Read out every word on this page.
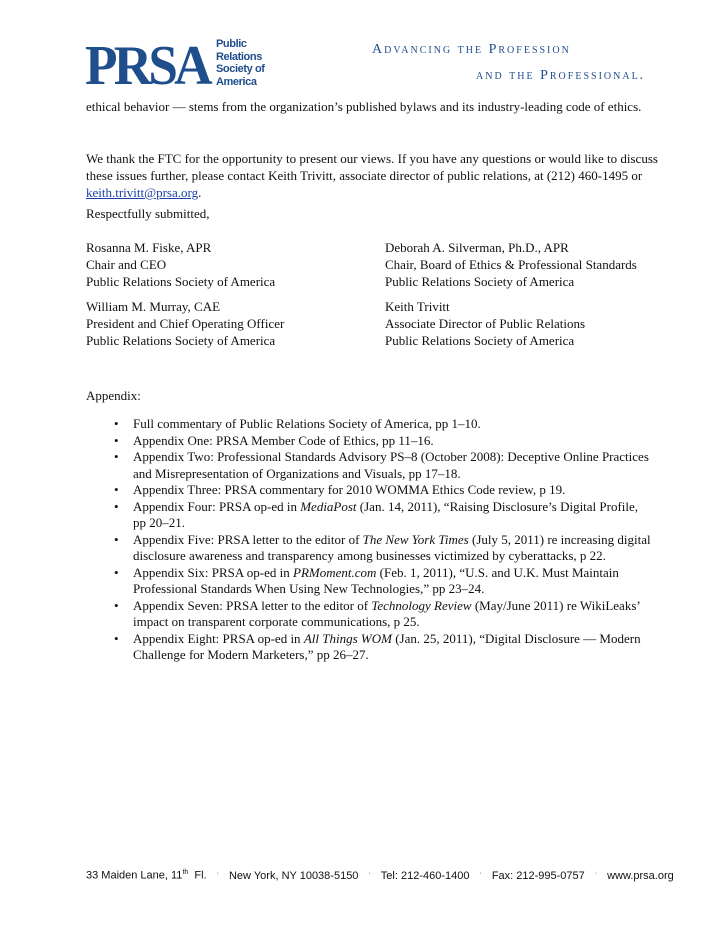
PRSA Public
Relations
Society of
America
Advancing the Profession
and the Professional.

ethical behavior — stems from the organization’s published bylaws and its industry-leading code of ethics.

We thank the FTC for the opportunity to present our views. If you have any questions or would like to discuss these issues further, please contact Keith Trivitt, associate director of public relations, at (212) 460-1495 or keith.trivitt@prsa.org.

Respectfully submitted,
Rosanna M. Fiske, APR
Chair and CEO
Public Relations Society of America
Deborah A. Silverman, Ph.D., APR
Chair, Board of Ethics & Professional Standards
Public Relations Society of America
William M. Murray, CAE
President and Chief Operating Officer
Public Relations Society of America
Keith Trivitt
Associate Director of Public Relations
Public Relations Society of America
Appendix:
• Full commentary of Public Relations Society of America, pp 1–10.
• Appendix One: PRSA Member Code of Ethics, pp 11–16.
• Appendix Two: Professional Standards Advisory PS–8 (October 2008): Deceptive Online Practices and Misrepresentation of Organizations and Visuals, pp 17–18.
• Appendix Three: PRSA commentary for 2010 WOMMA Ethics Code review, p 19.
• Appendix Four: PRSA op-ed in MediaPost (Jan. 14, 2011), “Raising Disclosure’s Digital Profile, pp 20–21.
• Appendix Five: PRSA letter to the editor of The New York Times (July 5, 2011) re increasing digital disclosure awareness and transparency among businesses victimized by cyberattacks, p 22.
• Appendix Six: PRSA op-ed in PRMoment.com (Feb. 1, 2011), “U.S. and U.K. Must Maintain Professional Standards When Using New Technologies,” pp 23–24.
• Appendix Seven: PRSA letter to the editor of Technology Review (May/June 2011) re WikiLeaks’ impact on transparent corporate communications, p 25.
• Appendix Eight: PRSA op-ed in All Things WOM (Jan. 25, 2011), “Digital Disclosure — Modern Challenge for Modern Marketers,” pp 26–27.
33 Maiden Lane, 11th Fl. · New York, NY 10038-5150 · Tel: 212-460-1400 · Fax: 212-995-0757 · www.prsa.org
